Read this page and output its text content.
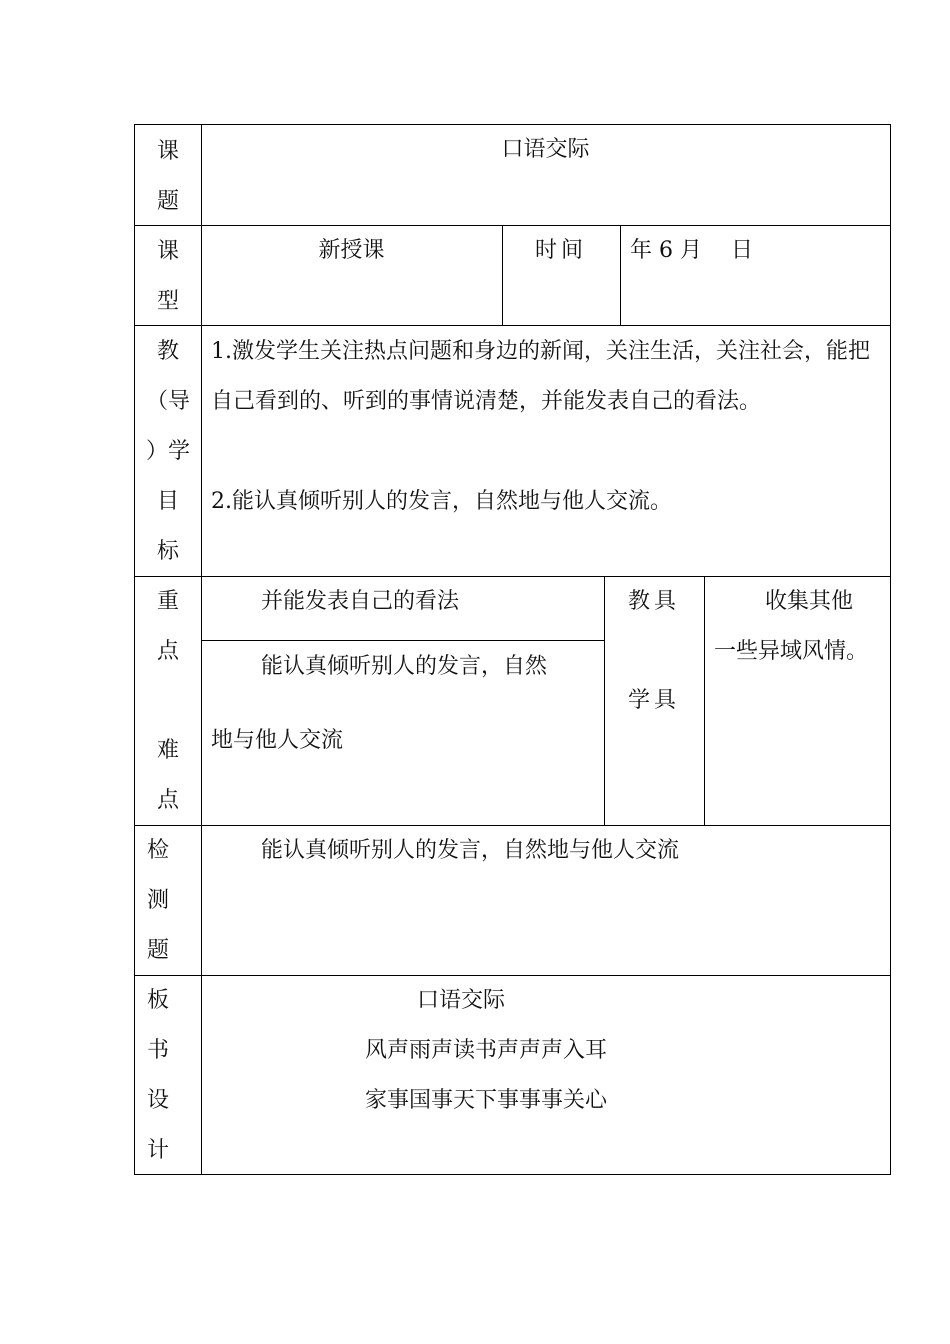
课
题
口语交际
课
型
新授课	时间	年 6 月 日
教
（导
）学
目
标
1.激发学生关注热点问题和身边的新闻，关注生活，关注社会，能把自己看到的、听到的事情说清楚，并能发表自己的看法。
2.能认真倾听别人的发言，自然地与他人交流。
重
点
难
点
并能发表自己的看法
能认真倾听别人的发言，自然
地与他人交流
教具
学具
收集其他
一些异域风情。
检
测
题
能认真倾听别人的发言，自然地与他人交流
板
书
设
计
口语交际
风声雨声读书声声声入耳
家事国事天下事事事关心
